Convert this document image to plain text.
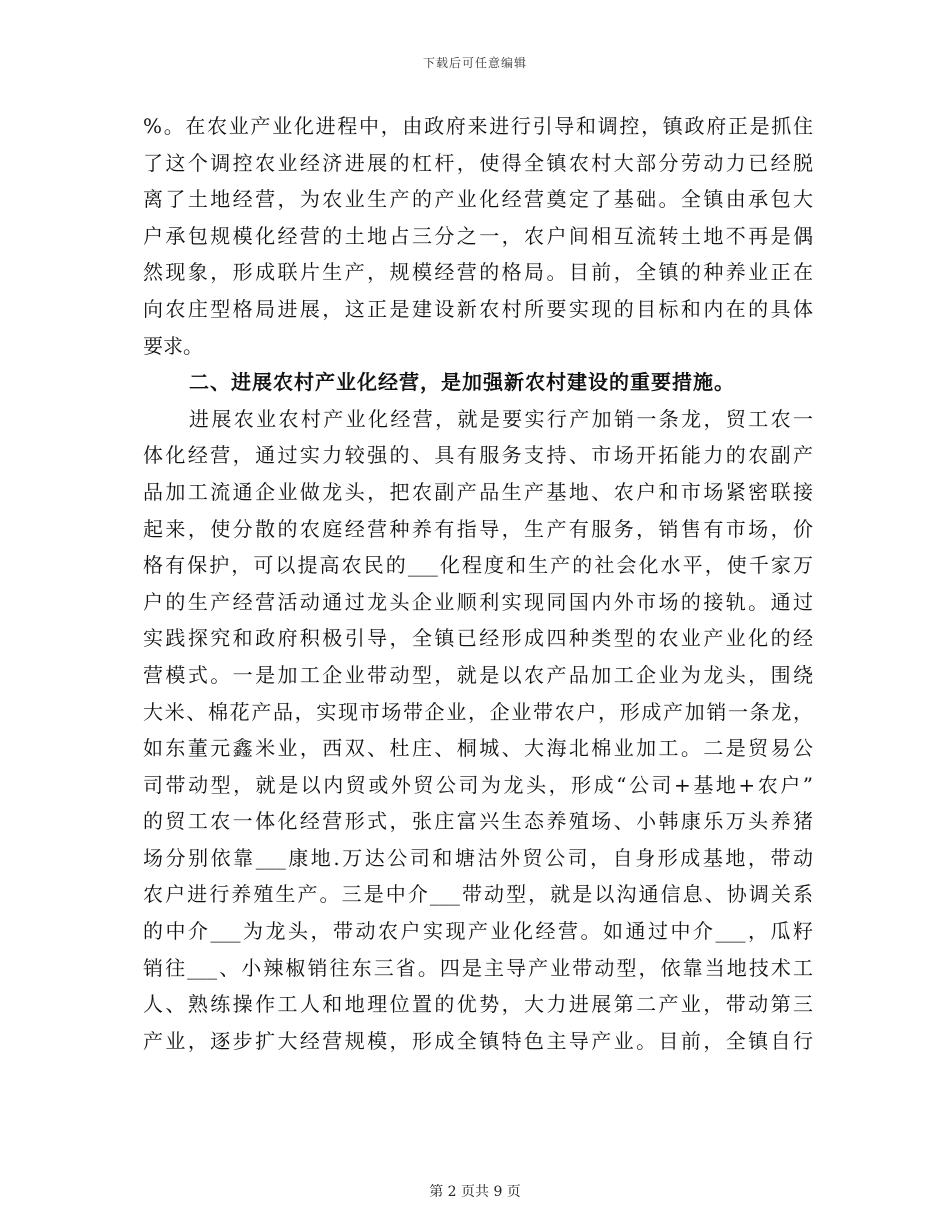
下载后可任意编辑
%。在农业产业化进程中，由政府来进行引导和调控，镇政府正是抓住
了这个调控农业经济进展的杠杆，使得全镇农村大部分劳动力已经脱
离了土地经营，为农业生产的产业化经营奠定了基础。全镇由承包大
户承包规模化经营的土地占三分之一，农户间相互流转土地不再是偶
然现象，形成联片生产，规模经营的格局。目前，全镇的种养业正在
向农庄型格局进展，这正是建设新农村所要实现的目标和内在的具体
要求。
二、进展农村产业化经营，是加强新农村建设的重要措施。
进展农业农村产业化经营，就是要实行产加销一条龙，贸工农一
体化经营，通过实力较强的、具有服务支持、市场开拓能力的农副产
品加工流通企业做龙头，把农副产品生产基地、农户和市场紧密联接
起来，使分散的农庭经营种养有指导，生产有服务，销售有市场，价
格有保护，可以提高农民的___化程度和生产的社会化水平，使千家万
户的生产经营活动通过龙头企业顺利实现同国内外市场的接轨。通过
实践探究和政府积极引导，全镇已经形成四种类型的农业产业化的经
营模式。一是加工企业带动型，就是以农产品加工企业为龙头，围绕
大米、棉花产品，实现市场带企业，企业带农户，形成产加销一条龙，
如东董元鑫米业，西双、杜庄、桐城、大海北棉业加工。二是贸易公
司带动型，就是以内贸或外贸公司为龙头，形成“公司+基地+农户”
的贸工农一体化经营形式，张庄富兴生态养殖场、小韩康乐万头养猪
场分别依靠___康地.万达公司和塘沽外贸公司，自身形成基地，带动
农户进行养殖生产。三是中介___带动型，就是以沟通信息、协调关系
的中介___为龙头，带动农户实现产业化经营。如通过中介___，瓜籽
销往___、小辣椒销往东三省。四是主导产业带动型，依靠当地技术工
人、熟练操作工人和地理位置的优势，大力进展第二产业，带动第三
产业，逐步扩大经营规模，形成全镇特色主导产业。目前，全镇自行
第 2 页共 9 页
